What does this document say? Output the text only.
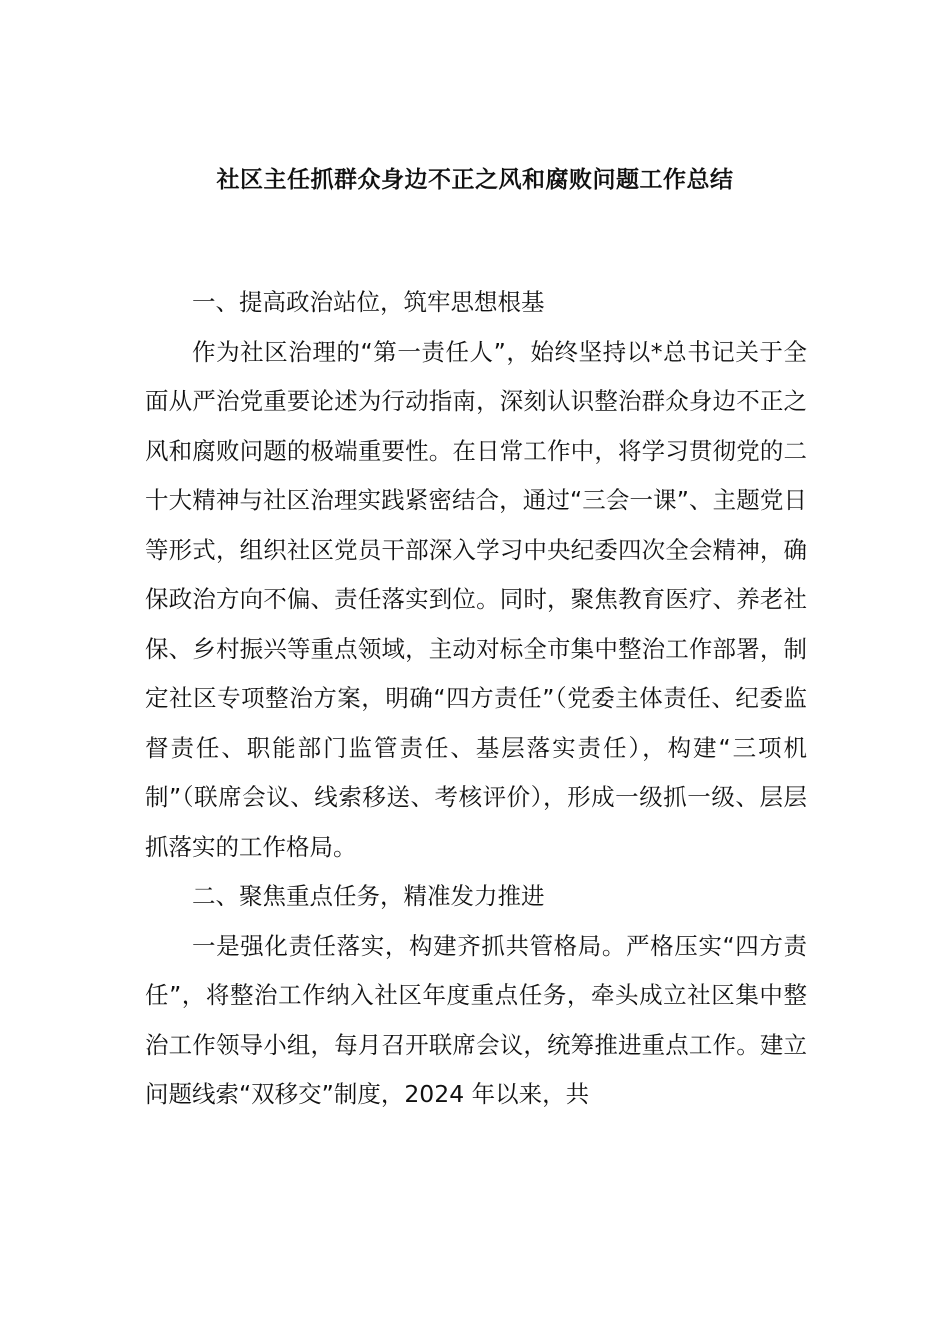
社区主任抓群众身边不正之风和腐败问题工作总结

一、提高政治站位，筑牢思想根基

作为社区治理的“第一责任人”，始终坚持以*总书记关于全面从严治党重要论述为行动指南，深刻认识整治群众身边不正之风和腐败问题的极端重要性。在日常工作中，将学习贯彻党的二十大精神与社区治理实践紧密结合，通过“三会一课”、主题党日等形式，组织社区党员干部深入学习中央纪委四次全会精神，确保政治方向不偏、责任落实到位。同时，聚焦教育医疗、养老社保、乡村振兴等重点领域，主动对标全市集中整治工作部署，制定社区专项整治方案，明确“四方责任”（党委主体责任、纪委监督责任、职能部门监管责任、基层落实责任），构建“三项机制”（联席会议、线索移送、考核评价），形成一级抓一级、层层抓落实的工作格局。

二、聚焦重点任务，精准发力推进

一是强化责任落实，构建齐抓共管格局。严格压实“四方责任”，将整治工作纳入社区年度重点任务，牵头成立社区集中整治工作领导小组，每月召开联席会议，统筹推进重点工作。建立问题线索“双移交”制度，2024 年以来，共
